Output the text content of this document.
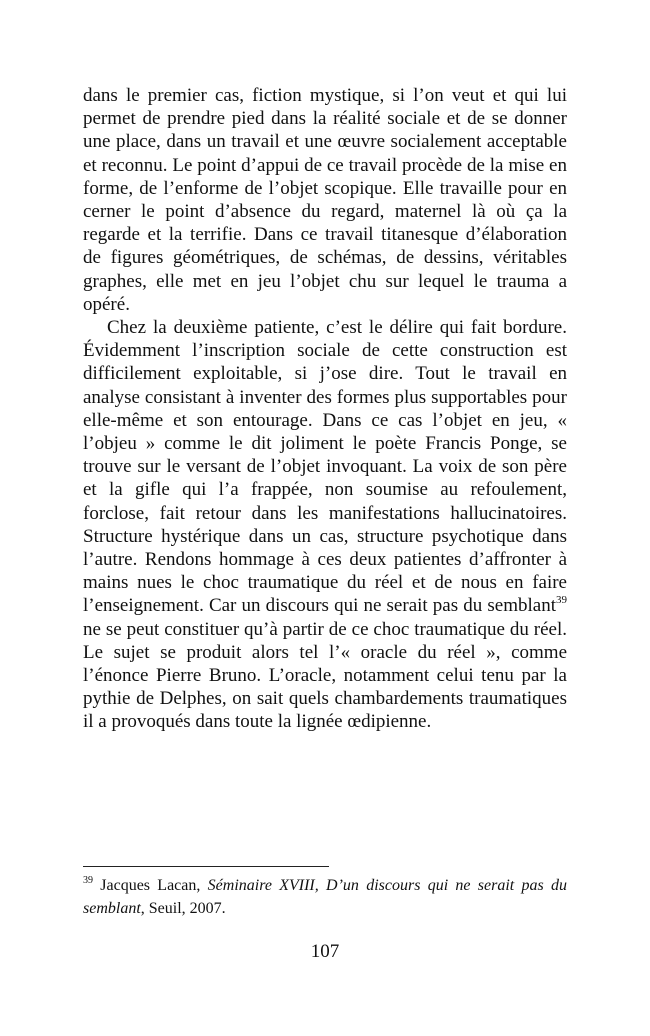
dans le premier cas, fiction mystique, si l’on veut et qui lui permet de prendre pied dans la réalité sociale et de se donner une place, dans un travail et une œuvre socialement acceptable et reconnu. Le point d’appui de ce travail procède de la mise en forme, de l’enforme de l’objet scopique. Elle travaille pour en cerner le point d’absence du regard, maternel là où ça la regarde et la terrifie. Dans ce travail titanesque d’élaboration de figures géométriques, de schémas, de dessins, véritables graphes, elle met en jeu l’objet chu sur lequel le trauma a opéré.

Chez la deuxième patiente, c’est le délire qui fait bordure. Évidemment l’inscription sociale de cette construction est difficilement exploitable, si j’ose dire. Tout le travail en analyse consistant à inventer des formes plus supportables pour elle-même et son entourage. Dans ce cas l’objet en jeu, « l’objeu » comme le dit joliment le poète Francis Ponge, se trouve sur le versant de l’objet invoquant. La voix de son père et la gifle qui l’a frappée, non soumise au refoulement, forclose, fait retour dans les manifestations hallucinatoires. Structure hystérique dans un cas, structure psychotique dans l’autre. Rendons hommage à ces deux patientes d’affronter à mains nues le choc traumatique du réel et de nous en faire l’enseignement. Car un discours qui ne serait pas du semblant$^{39}$ ne se peut constituer qu’à partir de ce choc traumatique du réel. Le sujet se produit alors tel l’« oracle du réel », comme l’énonce Pierre Bruno. L’oracle, notamment celui tenu par la pythie de Delphes, on sait quels chambardements traumatiques il a provoqués dans toute la lignée œdipienne.

$^{39}$ Jacques Lacan, Séminaire XVIII, D’un discours qui ne serait pas du semblant, Seuil, 2007.

107
